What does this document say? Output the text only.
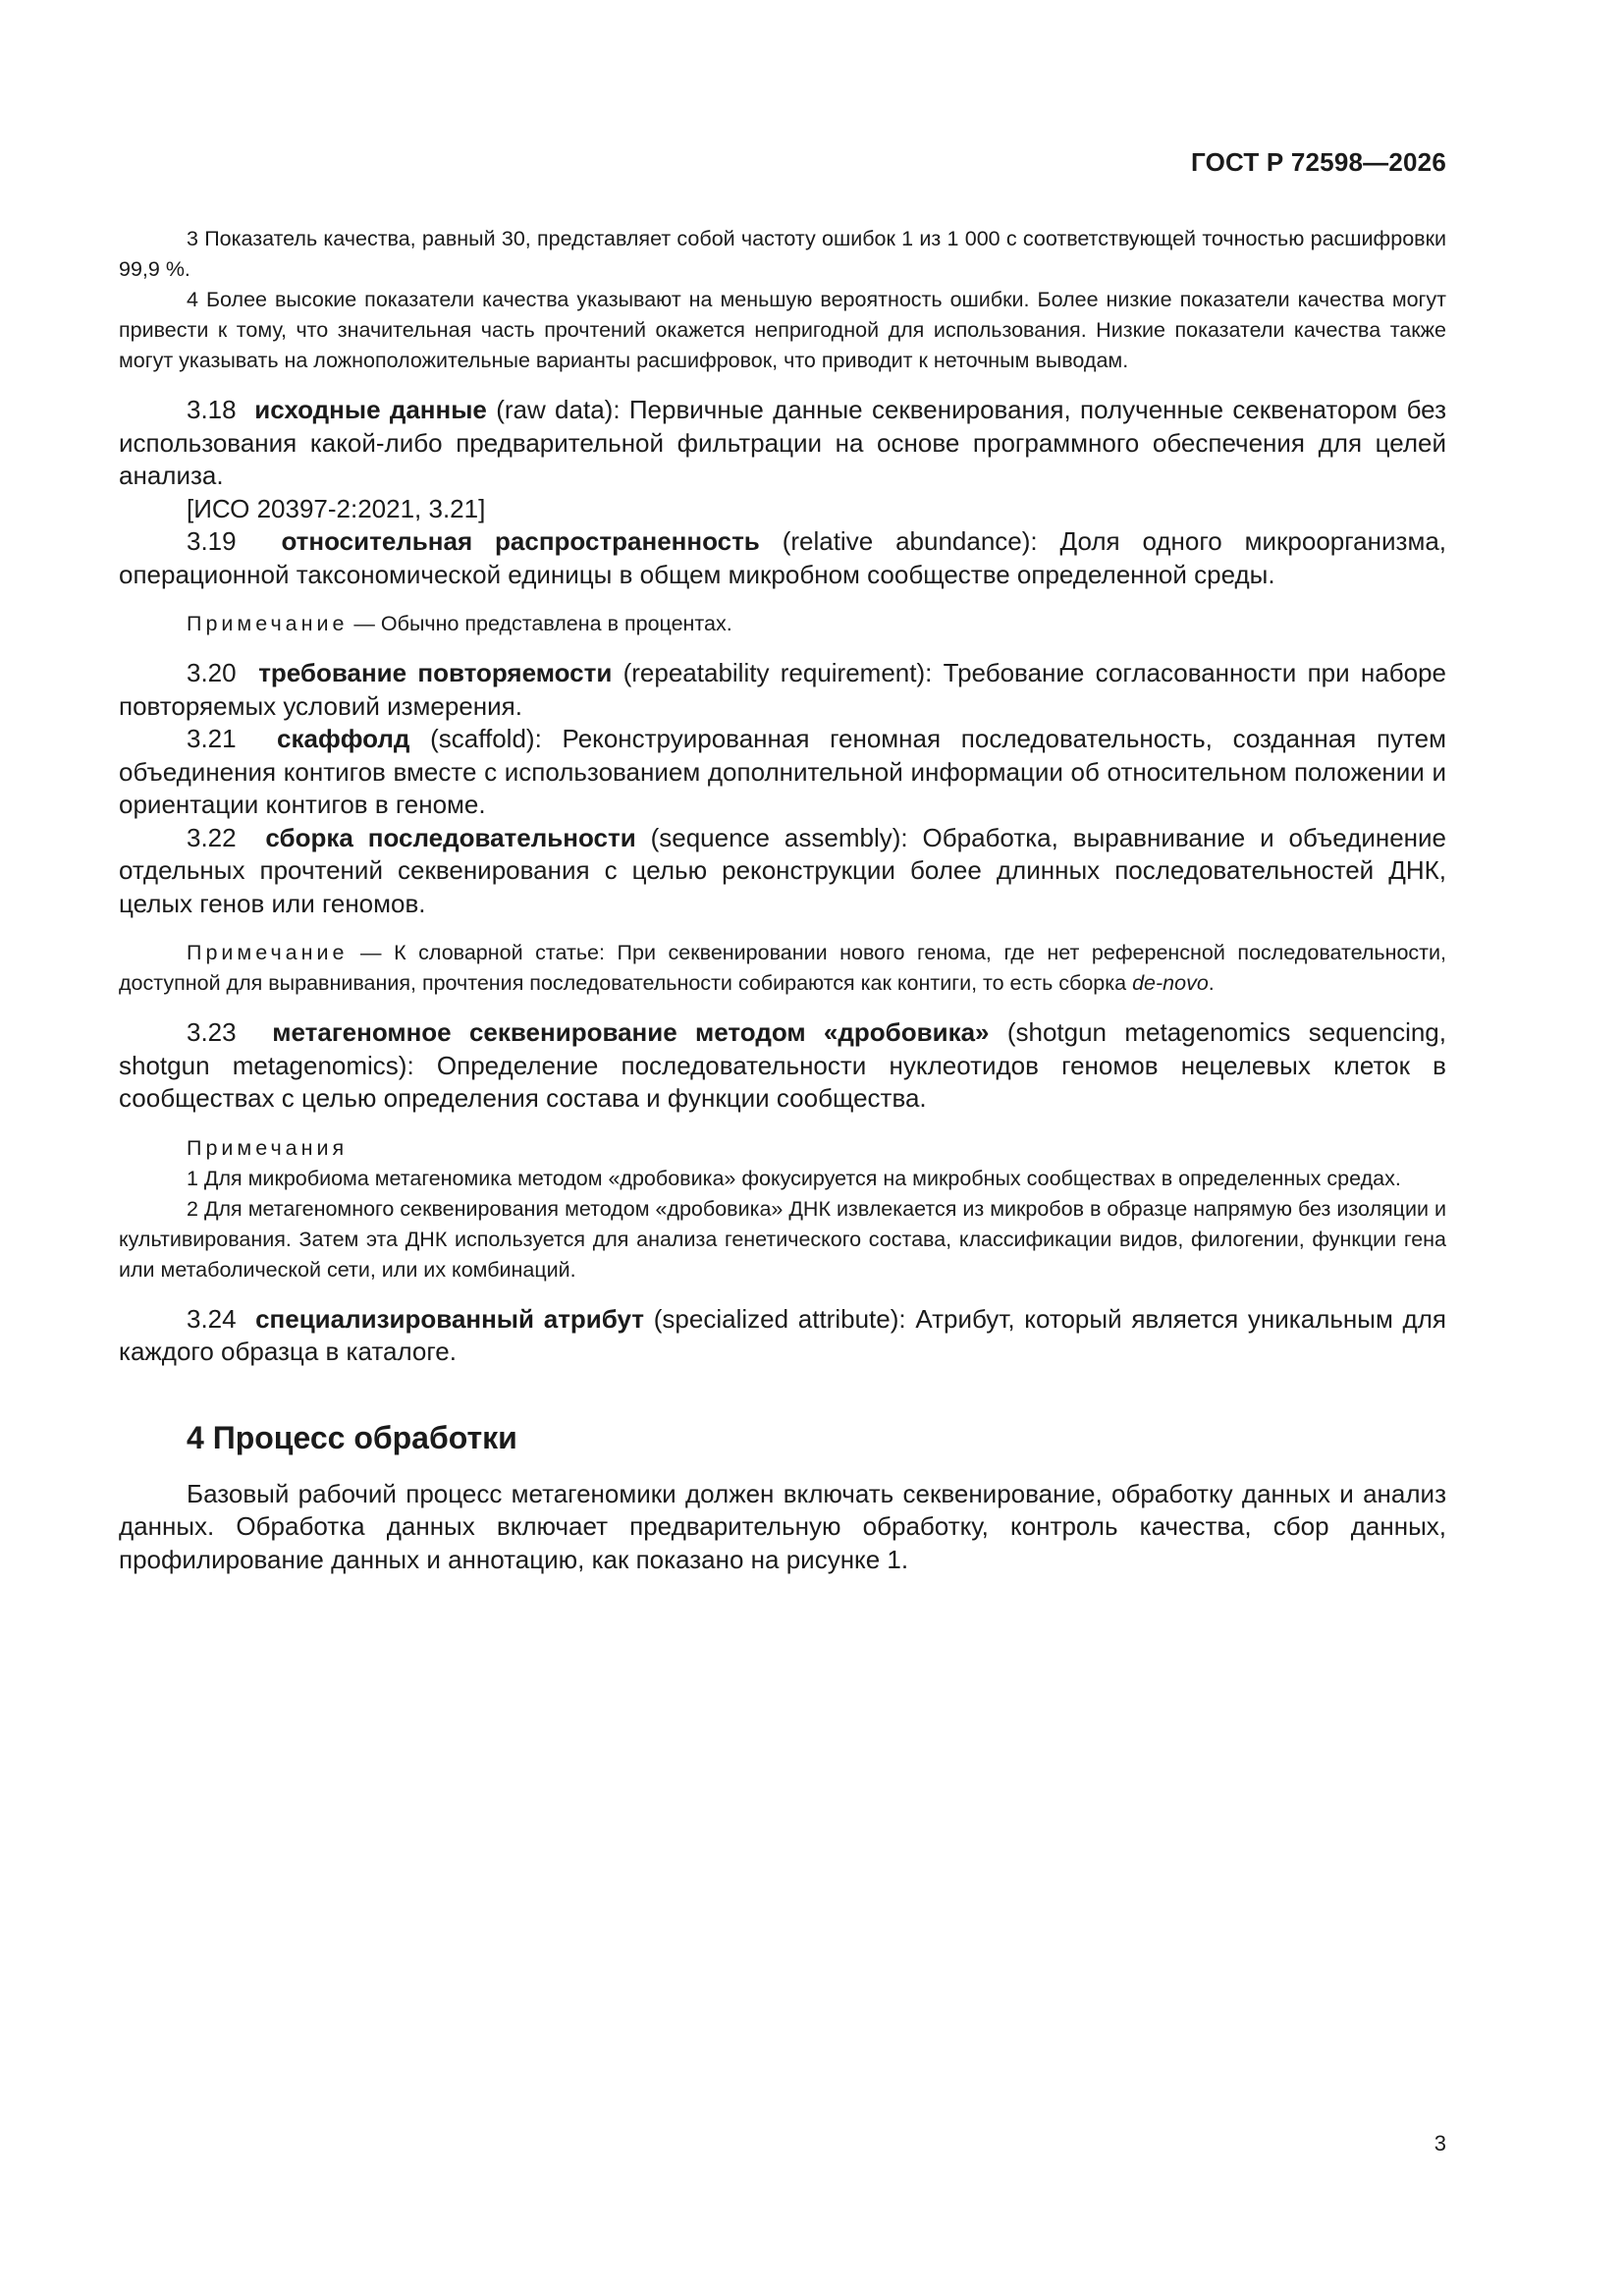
ГОСТ Р 72598—2026

3 Показатель качества, равный 30, представляет собой частоту ошибок 1 из 1 000 с соответствующей точностью расшифровки 99,9 %.

4 Более высокие показатели качества указывают на меньшую вероятность ошибки. Более низкие показатели качества могут привести к тому, что значительная часть прочтений окажется непригодной для использования. Низкие показатели качества также могут указывать на ложноположительные варианты расшифровок, что приводит к неточным выводам.

3.18 исходные данные (raw data): Первичные данные секвенирования, полученные секвенатором без использования какой-либо предварительной фильтрации на основе программного обеспечения для целей анализа.

[ИСО 20397-2:2021, 3.21]

3.19 относительная распространенность (relative abundance): Доля одного микроорганизма, операционной таксономической единицы в общем микробном сообществе определенной среды.

Примечание — Обычно представлена в процентах.

3.20 требование повторяемости (repeatability requirement): Требование согласованности при наборе повторяемых условий измерения.

3.21 скаффолд (scaffold): Реконструированная геномная последовательность, созданная путем объединения контигов вместе с использованием дополнительной информации об относительном положении и ориентации контигов в геноме.

3.22 сборка последовательности (sequence assembly): Обработка, выравнивание и объединение отдельных прочтений секвенирования с целью реконструкции более длинных последовательностей ДНК, целых генов или геномов.

Примечание — К словарной статье: При секвенировании нового генома, где нет референсной последовательности, доступной для выравнивания, прочтения последовательности собираются как контиги, то есть сборка de-novo.

3.23 метагеномное секвенирование методом «дробовика» (shotgun metagenomics sequencing, shotgun metagenomics): Определение последовательности нуклеотидов геномов нецелевых клеток в сообществах с целью определения состава и функции сообщества.

Примечания

1 Для микробиома метагеномика методом «дробовика» фокусируется на микробных сообществах в определенных средах.

2 Для метагеномного секвенирования методом «дробовика» ДНК извлекается из микробов в образце напрямую без изоляции и культивирования. Затем эта ДНК используется для анализа генетического состава, классификации видов, филогении, функции гена или метаболической сети, или их комбинаций.

3.24 специализированный атрибут (specialized attribute): Атрибут, который является уникальным для каждого образца в каталоге.

4 Процесс обработки

Базовый рабочий процесс метагеномики должен включать секвенирование, обработку данных и анализ данных. Обработка данных включает предварительную обработку, контроль качества, сбор данных, профилирование данных и аннотацию, как показано на рисунке 1.

3
